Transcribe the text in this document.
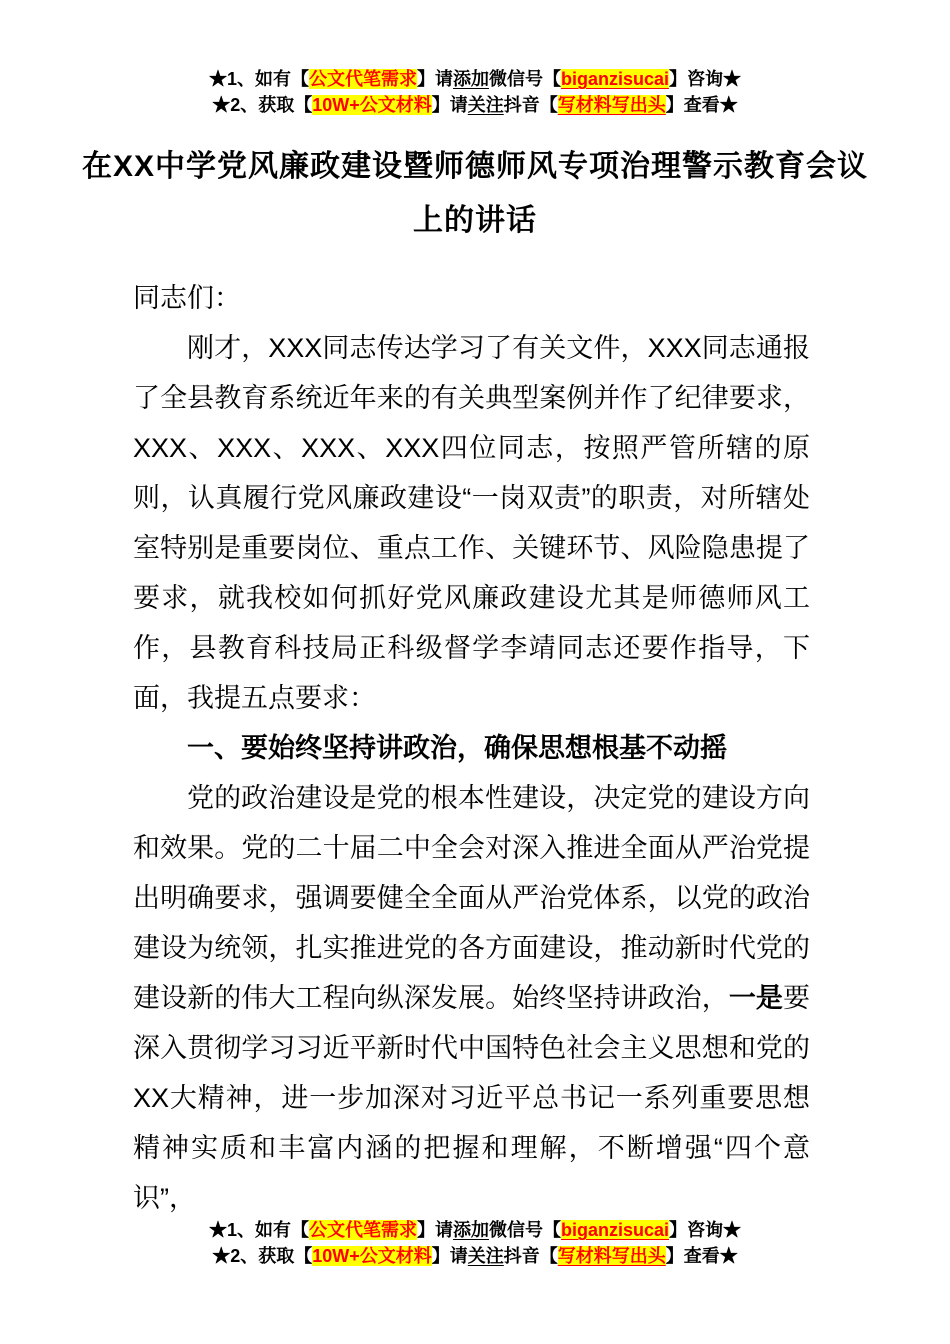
★1、如有【公文代笔需求】请添加微信号【biganzisucai】咨询★
★2、获取【10W+公文材料】请关注抖音【写材料写出头】查看★
在XX中学党风廉政建设暨师德师风专项治理警示教育会议
上的讲话

同志们：

刚才，XXX同志传达学习了有关文件，XXX同志通报了全县教育系统近年来的有关典型案例并作了纪律要求，XXX、XXX、XXX、XXX四位同志，按照严管所辖的原则，认真履行党风廉政建设“一岗双责”的职责，对所辖处室特别是重要岗位、重点工作、关键环节、风险隐患提了要求，就我校如何抓好党风廉政建设尤其是师德师风工作，县教育科技局正科级督学李靖同志还要作指导，下面，我提五点要求：

一、要始终坚持讲政治，确保思想根基不动摇

党的政治建设是党的根本性建设，决定党的建设方向和效果。党的二十届二中全会对深入推进全面从严治党提出明确要求，强调要健全全面从严治党体系，以党的政治建设为统领，扎实推进党的各方面建设，推动新时代党的建设新的伟大工程向纵深发展。始终坚持讲政治，一是要深入贯彻学习习近平新时代中国特色社会主义思想和党的XX大精神，进一步加深对习近平总书记一系列重要思想精神实质和丰富内涵的把握和理解，不断增强“四个意识”，

★1、如有【公文代笔需求】请添加微信号【biganzisucai】咨询★
★2、获取【10W+公文材料】请关注抖音【写材料写出头】查看★
